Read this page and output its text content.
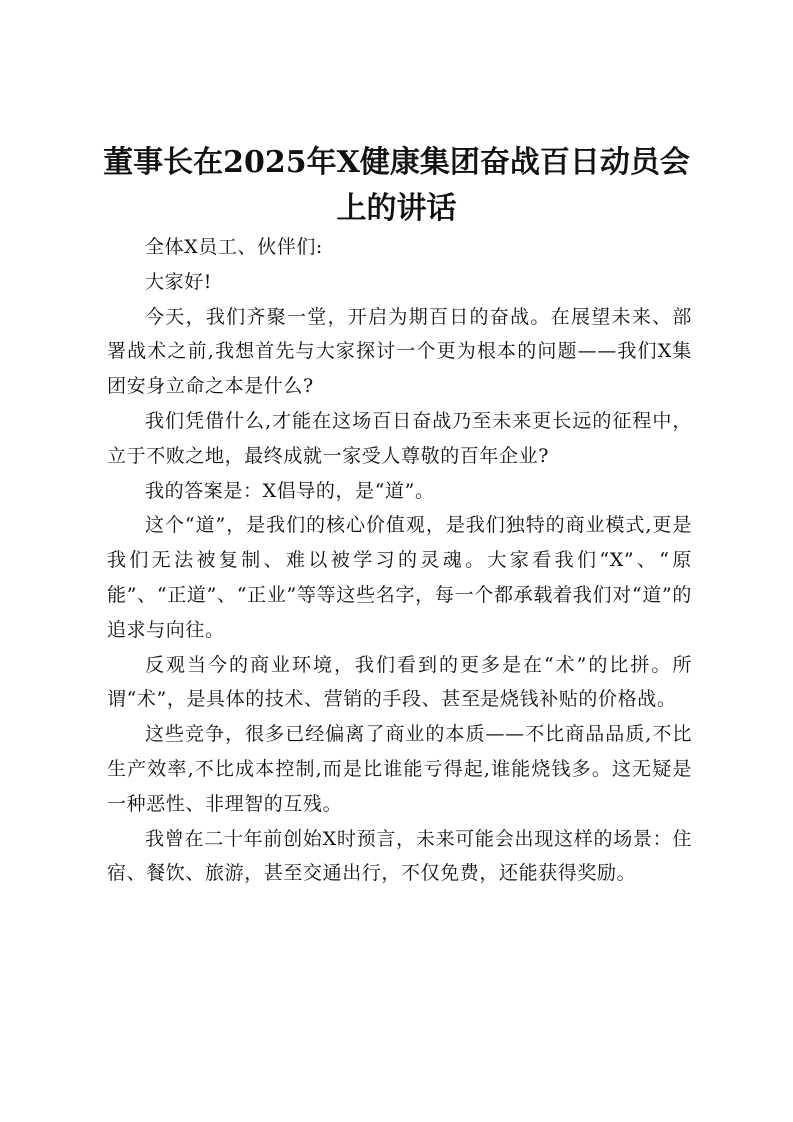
董事长在2025年X健康集团奋战百日动员会上的讲话

全体X员工、伙伴们:

大家好!

今天，我们齐聚一堂，开启为期百日的奋战。在展望未来、部署战术之前,我想首先与大家探讨一个更为根本的问题——我们X集团安身立命之本是什么?

我们凭借什么,才能在这场百日奋战乃至未来更长远的征程中，立于不败之地，最终成就一家受人尊敬的百年企业?

我的答案是：X倡导的，是“道”。

这个“道”，是我们的核心价值观，是我们独特的商业模式,更是我们无法被复制、难以被学习的灵魂。大家看我们“X”、“原能”、“正道”、“正业”等等这些名字，每一个都承载着我们对“道”的追求与向往。

反观当今的商业环境，我们看到的更多是在“术”的比拼。所谓“术”，是具体的技术、营销的手段、甚至是烧钱补贴的价格战。

这些竞争，很多已经偏离了商业的本质——不比商品品质,不比生产效率,不比成本控制,而是比谁能亏得起,谁能烧钱多。这无疑是一种恶性、非理智的互残。

我曾在二十年前创始X时预言，未来可能会出现这样的场景：住宿、餐饮、旅游，甚至交通出行，不仅免费，还能获得奖励。
